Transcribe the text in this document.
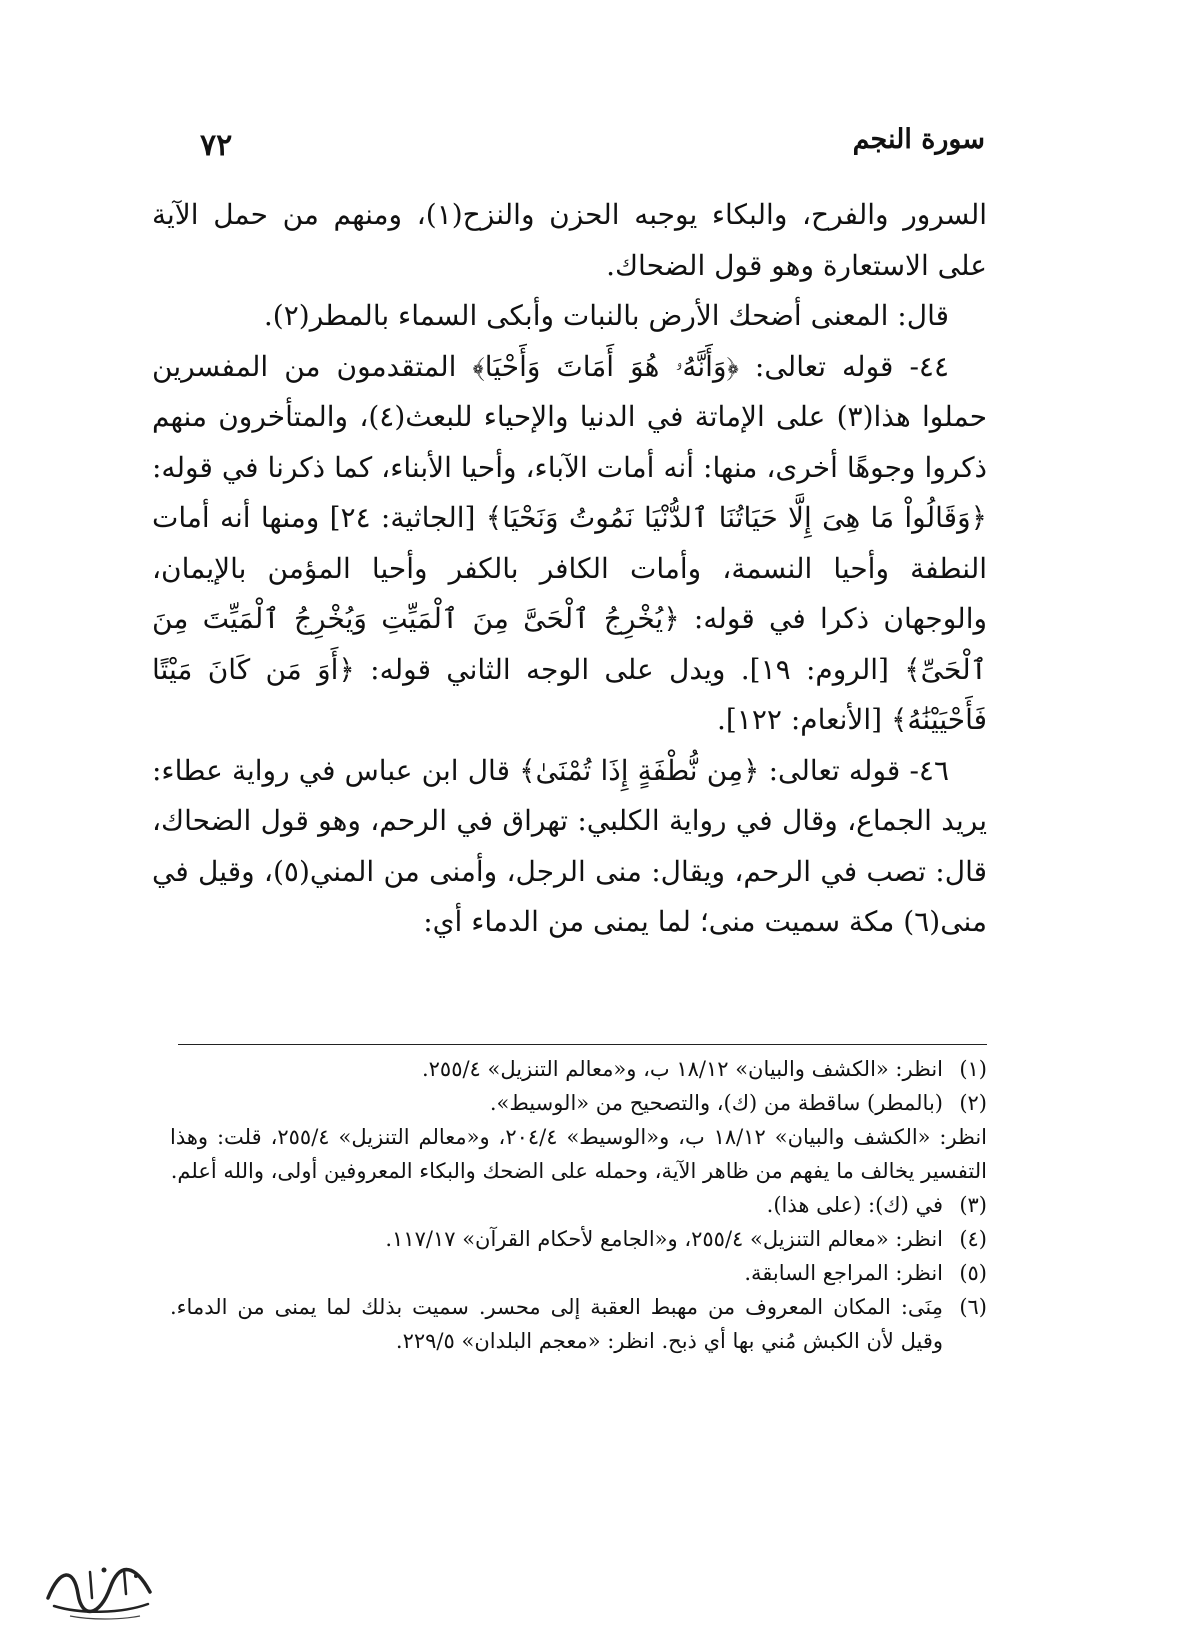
سورة النجم
٧٢

السرور والفرح، والبكاء يوجبه الحزن والنزح(١)، ومنهم من حمل الآية على الاستعارة وهو قول الضحاك.

قال: المعنى أضحك الأرض بالنبات وأبكى السماء بالمطر(٢).

٤٤- قوله تعالى: ﴿وَأَنَّهُۥ هُوَ أَمَاتَ وَأَحْيَا﴾ المتقدمون من المفسرين حملوا هذا(٣) على الإماتة في الدنيا والإحياء للبعث(٤)، والمتأخرون منهم ذكروا وجوهًا أخرى، منها: أنه أمات الآباء، وأحيا الأبناء، كما ذكرنا في قوله: ﴿وَقَالُواْ مَا هِىَ إِلَّا حَيَاتُنَا ٱلدُّنْيَا نَمُوتُ وَنَحْيَا﴾ [الجاثية: ٢٤] ومنها أنه أمات النطفة وأحيا النسمة، وأمات الكافر بالكفر وأحيا المؤمن بالإيمان، والوجهان ذكرا في قوله: ﴿يُخْرِجُ ٱلْحَىَّ مِنَ ٱلْمَيِّتِ وَيُخْرِجُ ٱلْمَيِّتَ مِنَ ٱلْحَىِّ﴾ [الروم: ١٩]. ويدل على الوجه الثاني قوله: ﴿أَوَ مَن كَانَ مَيْتًا فَأَحْيَيْنَٰهُ﴾ [الأنعام: ١٢٢].

٤٦- قوله تعالى: ﴿مِن نُّطْفَةٍ إِذَا تُمْنَىٰ﴾ قال ابن عباس في رواية عطاء: يريد الجماع، وقال في رواية الكلبي: تهراق في الرحم، وهو قول الضحاك، قال: تصب في الرحم، ويقال: منى الرجل، وأمنى من المني(٥)، وقيل في منى(٦) مكة سميت منى؛ لما يمنى من الدماء أي:

(١)

انظر: «الكشف والبيان» ١٨/١٢ ب، و«معالم التنزيل» ٢٥٥/٤.

(٢)

(بالمطر) ساقطة من (ك)، والتصحيح من «الوسيط».

انظر: «الكشف والبيان» ١٨/١٢ ب، و«الوسيط» ٢٠٤/٤، و«معالم التنزيل» ٢٥٥/٤، قلت: وهذا التفسير يخالف ما يفهم من ظاهر الآية، وحمله على الضحك والبكاء المعروفين أولى، والله أعلم.

(٣)

في (ك): (على هذا).

(٤)

انظر: «معالم التنزيل» ٢٥٥/٤، و«الجامع لأحكام القرآن» ١١٧/١٧.

(٥)

انظر: المراجع السابقة.

(٦)

مِنَى: المكان المعروف من مهبط العقبة إلى محسر. سميت بذلك لما يمنى من الدماء. وقيل لأن الكبش مُني بها أي ذبح. انظر: «معجم البلدان» ٢٢٩/٥.
